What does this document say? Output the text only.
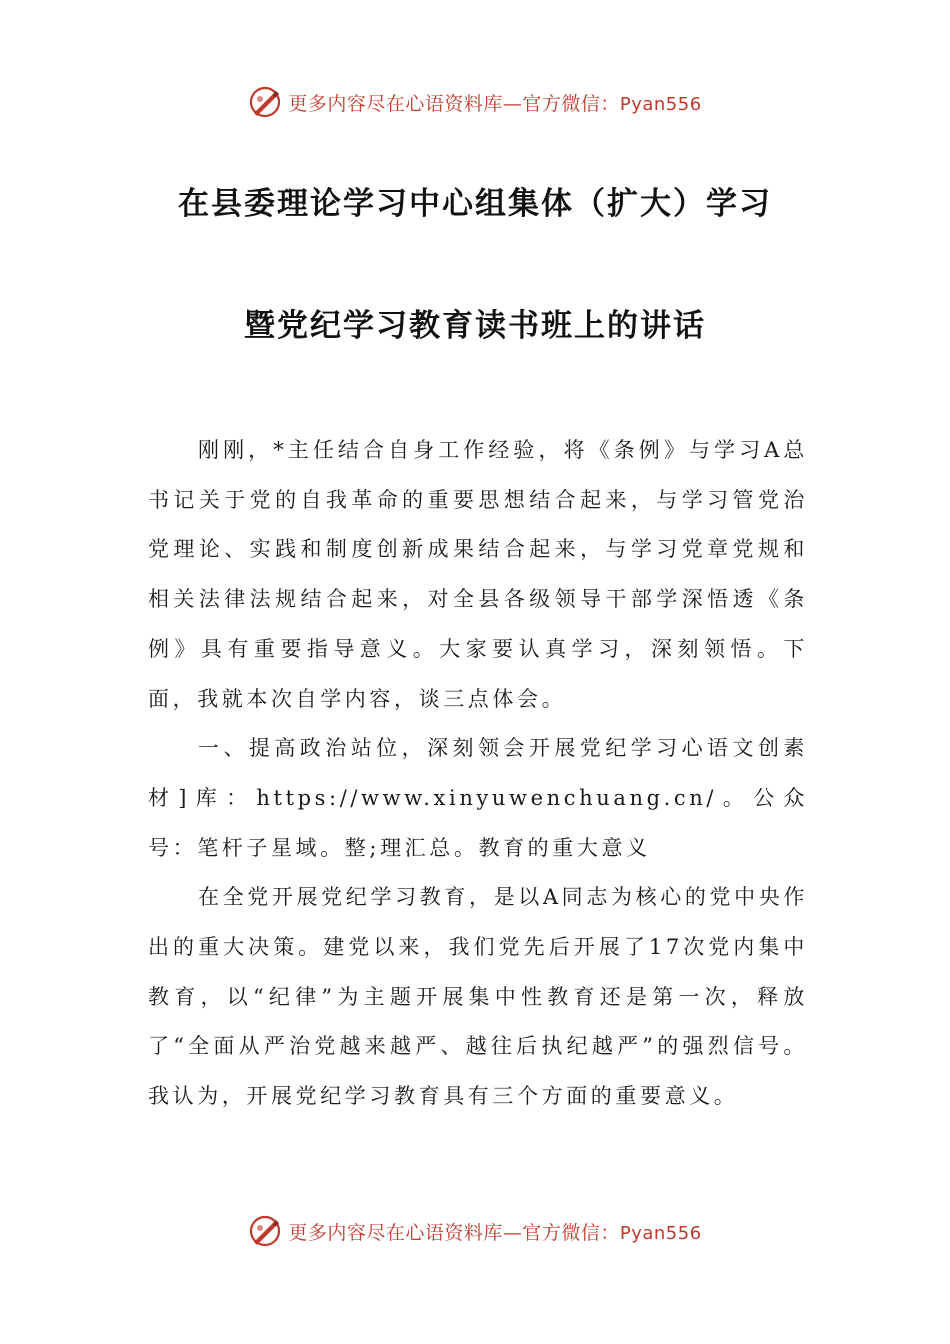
更多内容尽在心语资料库—官方微信：Pyan556
在县委理论学习中心组集体（扩大）学习
暨党纪学习教育读书班上的讲话

刚刚，*主任结合自身工作经验，将《条例》与学习A总书记关于党的自我革命的重要思想结合起来，与学习管党治党理论、实践和制度创新成果结合起来，与学习党章党规和相关法律法规结合起来，对全县各级领导干部学深悟透《条例》具有重要指导意义。大家要认真学习，深刻领悟。下面，我就本次自学内容，谈三点体会。

一、提高政治站位，深刻领会开展党纪学习心语文创素材]库：https://www.xinyuwenchuang.cn/。公众号：笔杆子星域。整;理汇总。教育的重大意义

在全党开展党纪学习教育，是以A同志为核心的党中央作出的重大决策。建党以来，我们党先后开展了17次党内集中教育，以“纪律”为主题开展集中性教育还是第一次，释放了“全面从严治党越来越严、越往后执纪越严”的强烈信号。我认为，开展党纪学习教育具有三个方面的重要意义。

更多内容尽在心语资料库—官方微信：Pyan556
